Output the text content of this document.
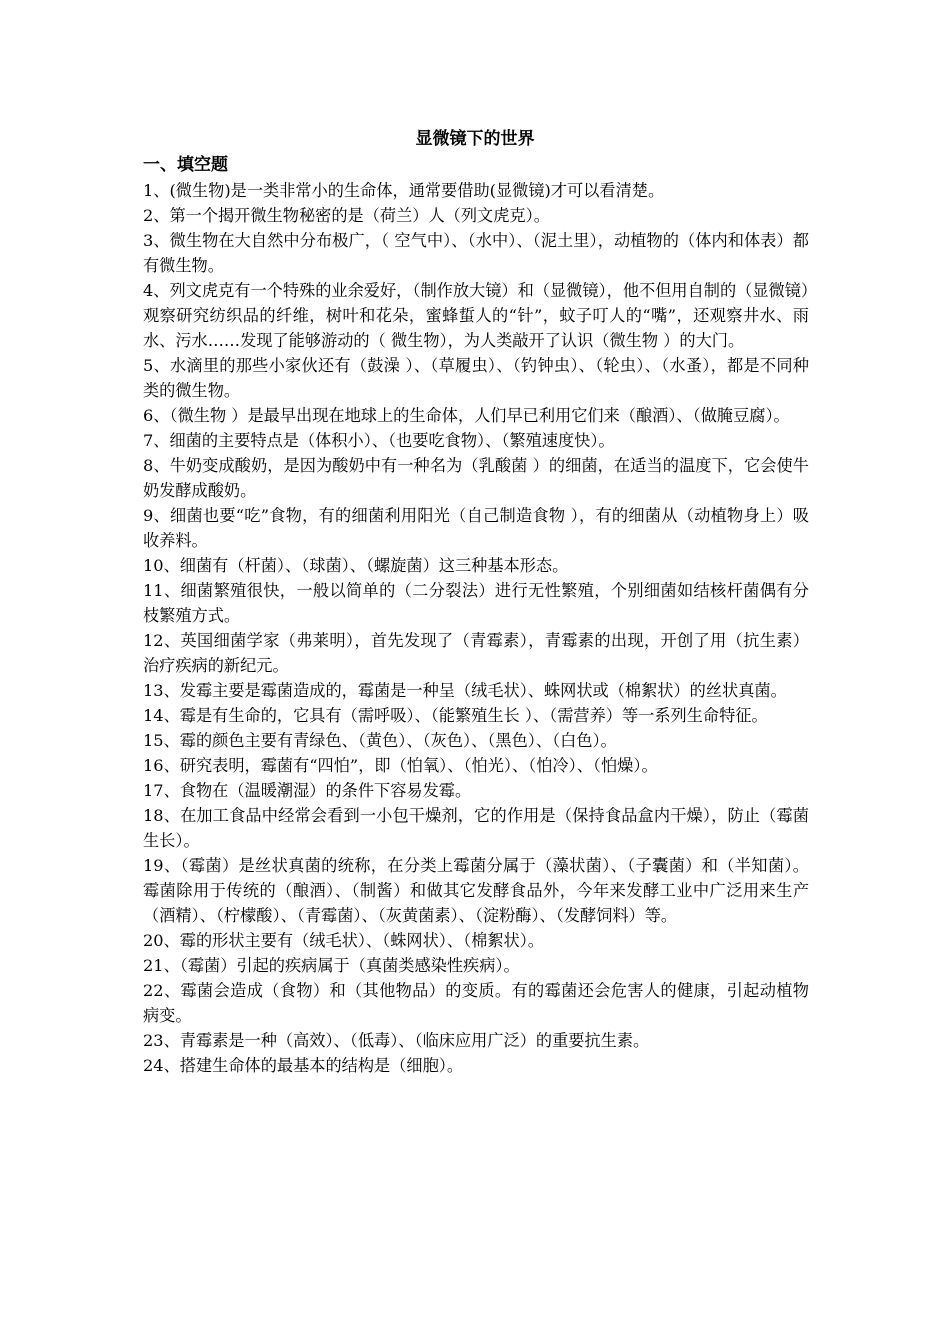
显微镜下的世界
一、填空题
1、(微生物)是一类非常小的生命体，通常要借助(显微镜)才可以看清楚。
2、第一个揭开微生物秘密的是（荷兰）人（列文虎克）。
3、微生物在大自然中分布极广，（ 空气中）、（水中）、（泥土里），动植物的（体内和体表）都有微生物。
4、列文虎克有一个特殊的业余爱好，（制作放大镜）和（显微镜），他不但用自制的（显微镜）观察研究纺织品的纤维，树叶和花朵，蜜蜂蜇人的“针”，蚊子叮人的“嘴”，还观察井水、雨水、污水……发现了能够游动的（ 微生物），为人类敲开了认识（微生物 ）的大门。
5、水滴里的那些小家伙还有（鼓澡 ）、（草履虫）、（钓钟虫）、（轮虫）、（水蚤），都是不同种类的微生物。
6、（微生物 ）是最早出现在地球上的生命体，人们早已利用它们来（酿酒）、（做腌豆腐）。
7、细菌的主要特点是（体积小）、（也要吃食物）、（繁殖速度快）。
8、牛奶变成酸奶，是因为酸奶中有一种名为（乳酸菌 ）的细菌，在适当的温度下，它会使牛奶发酵成酸奶。
9、细菌也要“吃”食物，有的细菌利用阳光（自己制造食物 ），有的细菌从（动植物身上）吸收养料。
10、细菌有（杆菌）、（球菌）、（螺旋菌）这三种基本形态。
11、细菌繁殖很快，一般以简单的（二分裂法）进行无性繁殖，个别细菌如结核杆菌偶有分枝繁殖方式。
12、英国细菌学家（弗莱明），首先发现了（青霉素），青霉素的出现，开创了用（抗生素）治疗疾病的新纪元。
13、发霉主要是霉菌造成的，霉菌是一种呈（绒毛状）、蛛网状或（棉絮状）的丝状真菌。
14、霉是有生命的，它具有（需呼吸）、（能繁殖生长 ）、（需营养）等一系列生命特征。
15、霉的颜色主要有青绿色、（黄色）、（灰色）、（黑色）、（白色）。
16、研究表明，霉菌有“四怕”，即（怕氧）、（怕光）、（怕冷）、（怕燥）。
17、食物在（温暖潮湿）的条件下容易发霉。
18、在加工食品中经常会看到一小包干燥剂，它的作用是（保持食品盒内干燥），防止（霉菌生长）。
19、（霉菌）是丝状真菌的统称，在分类上霉菌分属于（藻状菌）、（子囊菌）和（半知菌）。霉菌除用于传统的（酿酒）、（制酱）和做其它发酵食品外，今年来发酵工业中广泛用来生产（酒精）、（柠檬酸）、（青霉菌）、（灰黄菌素）、（淀粉酶）、（发酵饲料）等。
20、霉的形状主要有（绒毛状）、（蛛网状）、（棉絮状）。
21、（霉菌）引起的疾病属于（真菌类感染性疾病）。
22、霉菌会造成（食物）和（其他物品）的变质。有的霉菌还会危害人的健康，引起动植物病变。
23、青霉素是一种（高效）、（低毒）、（临床应用广泛）的重要抗生素。
24、搭建生命体的最基本的结构是（细胞）。
